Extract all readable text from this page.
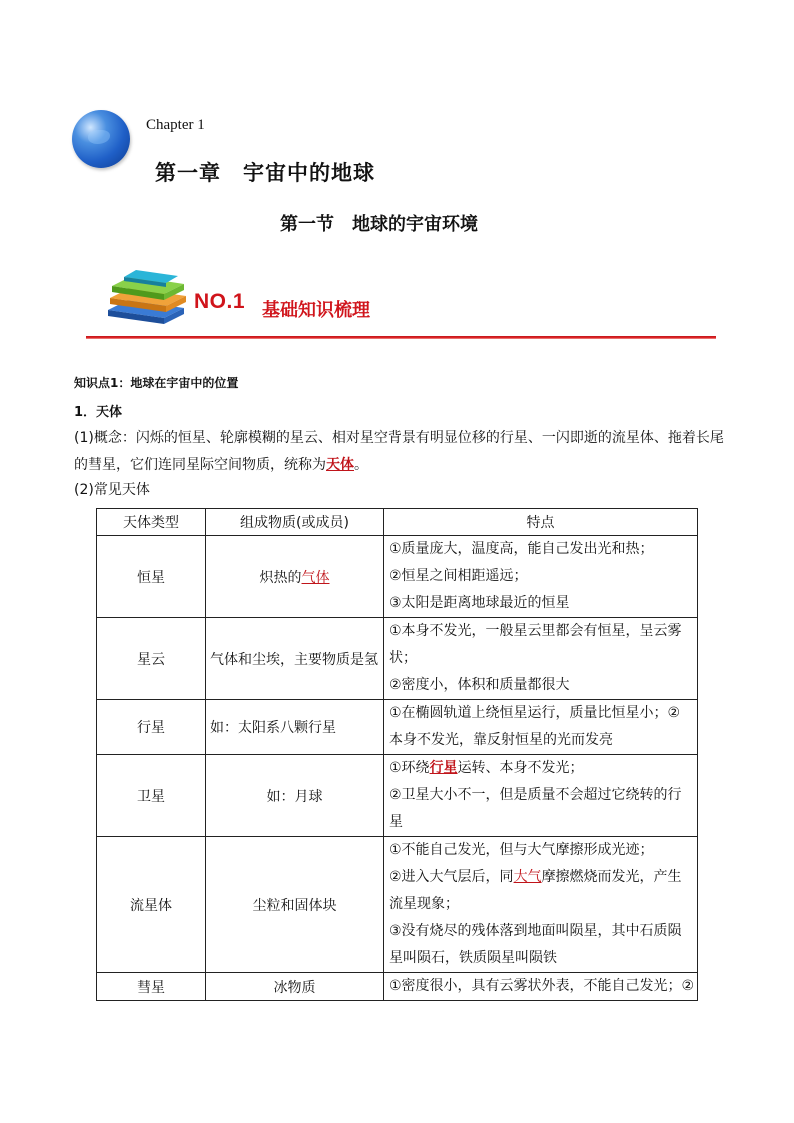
Chapter 1
第一章　宇宙中的地球
第一节　地球的宇宙环境
NO.1 基础知识梳理
知识点1：地球在宇宙中的位置
1．天体
(1)概念：闪烁的恒星、轮廓模糊的星云、相对星空背景有明显位移的行星、一闪即逝的流星体、拖着长尾的彗星，它们连同星际空间物质，统称为天体。
(2)常见天体
天体类型	组成物质(或成员)	特点
恒星	炽热的气体	①质量庞大，温度高，能自己发出光和热；
②恒星之间相距遥远；
③太阳是距离地球最近的恒星

星云	气体和尘埃，主要物质是氢	①本身不发光，一般星云里都会有恒星，呈云雾
状；
②密度小，体积和质量都很大

行星	如：太阳系八颗行星	①在椭圆轨道上绕恒星运行，质量比恒星小；②
本身不发光，靠反射恒星的光而发亮

卫星	如：月球	①环绕行星运转、本身不发光；
②卫星大小不一，但是质量不会超过它绕转的行
星

流星体	尘粒和固体块	①不能自己发光，但与大气摩擦形成光迹；
②进入大气层后，同大气摩擦燃烧而发光，产生
流星现象；
③没有烧尽的残体落到地面叫陨星，其中石质陨
星叫陨石，铁质陨星叫陨铁

彗星	冰物质	①密度很小，具有云雾状外表，不能自己发光；②
